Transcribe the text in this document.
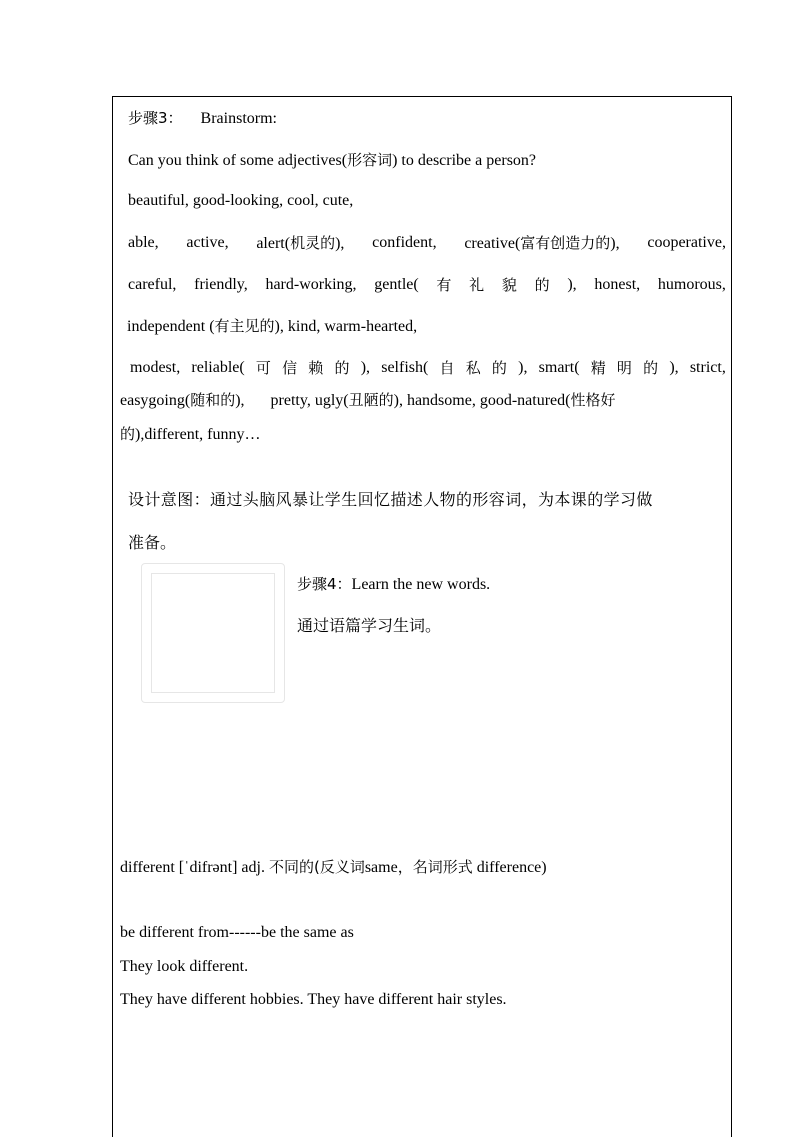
步骤3： Brainstorm:
Can you think of some adjectives(形容词) to describe a person?
beautiful, good-looking, cool, cute,
able, active, alert(机灵的), confident, creative(富有创造力的), cooperative,
careful, friendly, hard-working, gentle( 有 礼 貌 的 ), honest, humorous,
independent (有主见的), kind, warm-hearted,
modest, reliable( 可 信 赖 的 ), selfish( 自 私 的 ), smart( 精 明 的 ), strict,
easygoing(随和的), pretty, ugly(丑陋的), handsome, good-natured(性格好
的),different, funny…
设计意图：通过头脑风暴让学生回忆描述人物的形容词，为本课的学习做
准备。
步骤4：Learn the new words.
通过语篇学习生词。
different [ˈdifrənt] adj. 不同的(反义词same，名词形式 difference)
be different from------be the same as
They look different.
They have different hobbies. They have different hair styles.
